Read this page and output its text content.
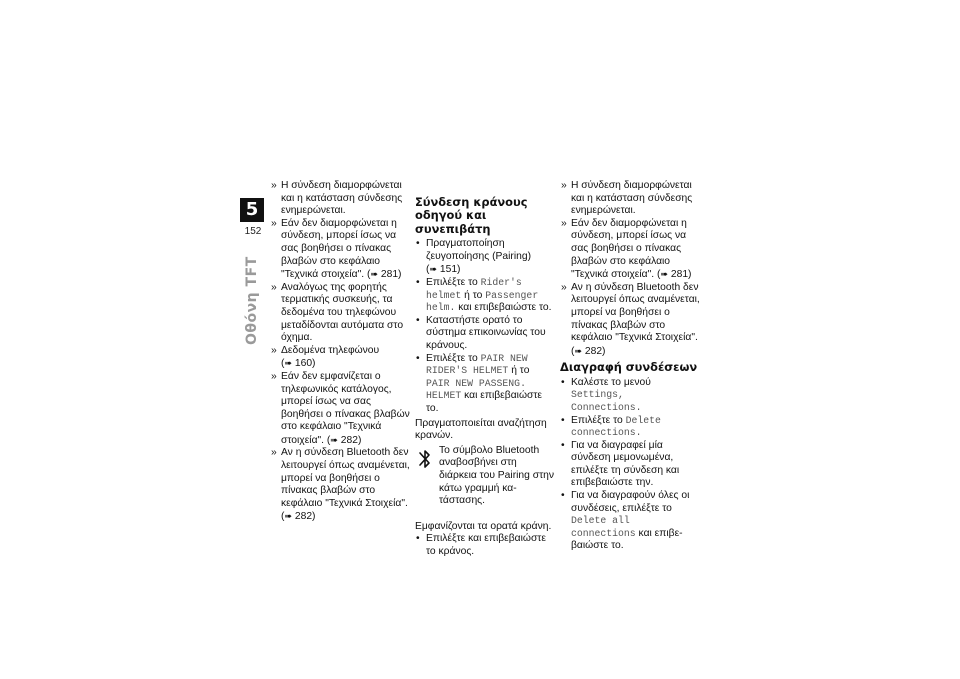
5
152
Οθόνη TFT
» Η σύνδεση διαμορφώνεται και η κατάσταση σύνδεσης ενημερώνεται.
» Εάν δεν διαμορφώνεται η σύνδεση, μπορεί ίσως να σας βοηθήσει ο πίνακας βλαβών στο κεφάλαιο "Τεχνικά στοιχεία". (➠ 281)
» Αναλόγως της φορητής τερματικής συσκευής, τα δεδομένα του τηλεφώνου μεταδίδονται αυτόματα στο όχημα.
» Δεδομένα τηλεφώνου (➠ 160)
» Εάν δεν εμφανίζεται ο τηλεφωνικός κατάλογος, μπορεί ίσως να σας βοηθήσει ο πίνακας βλαβών στο κεφάλαιο "Τεχνικά στοιχεία". (➠ 282)
» Αν η σύνδεση Bluetooth δεν λειτουργεί όπως αναμένεται, μπορεί να βοηθήσει ο πίνακας βλαβών στο κεφάλαιο "Τεχνικά Στοιχεία". (➠ 282)
Σύνδεση κράνους οδηγού και συνεπιβάτη
• Πραγματοποίηση ζευγοποίησης (Pairing) (➠ 151)
• Επιλέξτε το Rider's helmet ή το Passenger helm. και επιβεβαιώστε το.
• Καταστήστε ορατό το σύστημα επικοινωνίας του κράνους.
• Επιλέξτε το PAIR NEW RIDER'S HELMET ή το PAIR NEW PASSENG. HELMET και επιβεβαιώστε το.
Πραγματοποιείται αναζήτηση κρανών.
Το σύμβολο Bluetooth αναβοσβήνει στη διάρκεια του Pairing στην κάτω γραμμή κατάστασης.
Εμφανίζονται τα ορατά κράνη.
• Επιλέξτε και επιβεβαιώστε το κράνος.
» Η σύνδεση διαμορφώνεται και η κατάσταση σύνδεσης ενημερώνεται.
» Εάν δεν διαμορφώνεται η σύνδεση, μπορεί ίσως να σας βοηθήσει ο πίνακας βλαβών στο κεφάλαιο "Τεχνικά στοιχεία". (➠ 281)
» Αν η σύνδεση Bluetooth δεν λειτουργεί όπως αναμένεται, μπορεί να βοηθήσει ο πίνακας βλαβών στο κεφάλαιο "Τεχνικά Στοιχεία". (➠ 282)
Διαγραφή συνδέσεων
• Καλέστε το μενού Settings, Connections.
• Επιλέξτε το Delete connections.
• Για να διαγραφεί μία σύνδεση μεμονωμένα, επιλέξτε τη σύνδεση και επιβεβαιώστε την.
• Για να διαγραφούν όλες οι συνδέσεις, επιλέξτε το Delete all connections και επιβεβαιώστε το.
